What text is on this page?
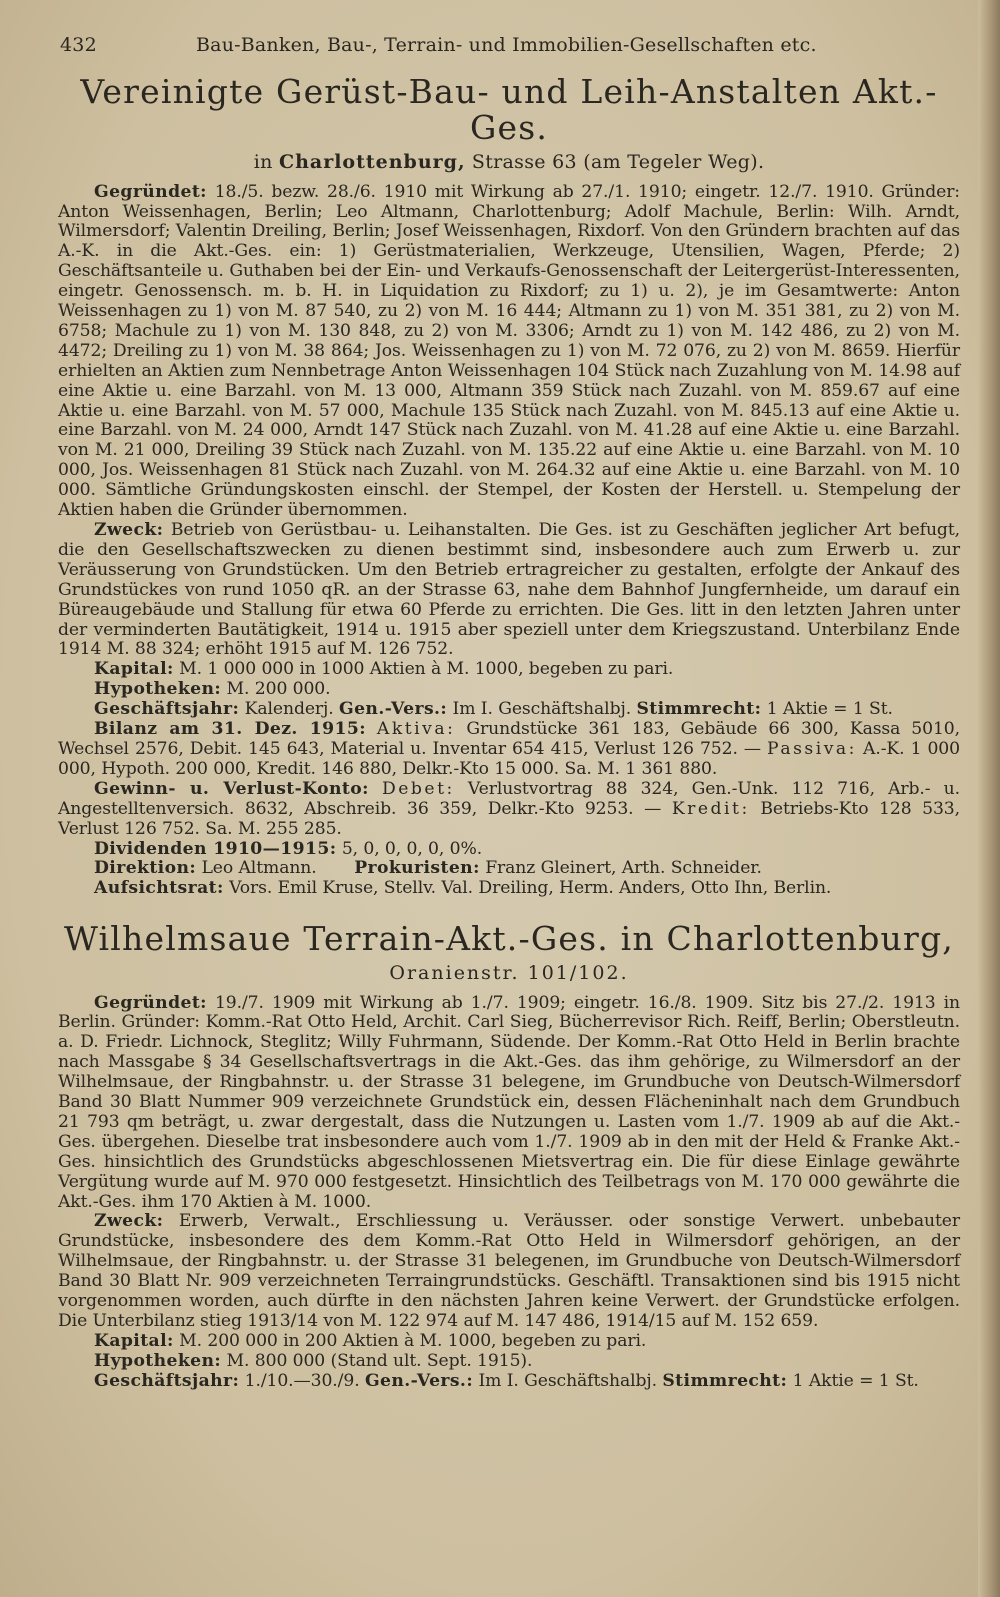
432	Bau-Banken, Bau-, Terrain- und Immobilien-Gesellschaften etc.
Vereinigte Gerüst-Bau- und Leih-Anstalten Akt.-Ges.
in Charlottenburg, Strasse 63 (am Tegeler Weg).

Gegründet: 18./5. bezw. 28./6. 1910 mit Wirkung ab 27./1. 1910; eingetr. 12./7. 1910. Gründer: Anton Weissenhagen, Berlin; Leo Altmann, Charlottenburg; Adolf Machule, Berlin: Wilh. Arndt, Wilmersdorf; Valentin Dreiling, Berlin; Josef Weissenhagen, Rixdorf. Von den Gründern brachten auf das A.-K. in die Akt.-Ges. ein: 1) Gerüstmaterialien, Werkzeuge, Utensilien, Wagen, Pferde; 2) Geschäftsanteile u. Guthaben bei der Ein- und Verkaufs-Genossenschaft der Leitergerüst-Interessenten, eingetr. Genossensch. m. b. H. in Liquidation zu Rixdorf; zu 1) u. 2), je im Gesamtwerte: Anton Weissenhagen zu 1) von M. 87 540, zu 2) von M. 16 444; Altmann zu 1) von M. 351 381, zu 2) von M. 6758; Machule zu 1) von M. 130 848, zu 2) von M. 3306; Arndt zu 1) von M. 142 486, zu 2) von M. 4472; Dreiling zu 1) von M. 38 864; Jos. Weissenhagen zu 1) von M. 72 076, zu 2) von M. 8659. Hierfür erhielten an Aktien zum Nennbetrage Anton Weissenhagen 104 Stück nach Zuzahlung von M. 14.98 auf eine Aktie u. eine Barzahl. von M. 13 000, Altmann 359 Stück nach Zuzahl. von M. 859.67 auf eine Aktie u. eine Barzahl. von M. 57 000, Machule 135 Stück nach Zuzahl. von M. 845.13 auf eine Aktie u. eine Barzahl. von M. 24 000, Arndt 147 Stück nach Zuzahl. von M. 41.28 auf eine Aktie u. eine Barzahl. von M. 21 000, Dreiling 39 Stück nach Zuzahl. von M. 135.22 auf eine Aktie u. eine Barzahl. von M. 10 000, Jos. Weissenhagen 81 Stück nach Zuzahl. von M. 264.32 auf eine Aktie u. eine Barzahl. von M. 10 000. Sämtliche Gründungskosten einschl. der Stempel, der Kosten der Herstell. u. Stempelung der Aktien haben die Gründer übernommen.

Zweck: Betrieb von Gerüstbau- u. Leihanstalten. Die Ges. ist zu Geschäften jeglicher Art befugt, die den Gesellschaftszwecken zu dienen bestimmt sind, insbesondere auch zum Erwerb u. zur Veräusserung von Grundstücken. Um den Betrieb ertragreicher zu gestalten, erfolgte der Ankauf des Grundstückes von rund 1050 qR. an der Strasse 63, nahe dem Bahnhof Jungfernheide, um darauf ein Büreaugebäude und Stallung für etwa 60 Pferde zu errichten. Die Ges. litt in den letzten Jahren unter der verminderten Bautätigkeit, 1914 u. 1915 aber speziell unter dem Kriegszustand. Unterbilanz Ende 1914 M. 88 324; erhöht 1915 auf M. 126 752.

Kapital: M. 1 000 000 in 1000 Aktien à M. 1000, begeben zu pari.

Hypotheken: M. 200 000.

Geschäftsjahr: Kalenderj. Gen.-Vers.: Im I. Geschäftshalbj. Stimmrecht: 1 Aktie = 1 St.

Bilanz am 31. Dez. 1915: Aktiva: Grundstücke 361 183, Gebäude 66 300, Kassa 5010, Wechsel 2576, Debit. 145 643, Material u. Inventar 654 415, Verlust 126 752. — Passiva: A.-K. 1 000 000, Hypoth. 200 000, Kredit. 146 880, Delkr.-Kto 15 000. Sa. M. 1 361 880.

Gewinn- u. Verlust-Konto: Debet: Verlustvortrag 88 324, Gen.-Unk. 112 716, Arb.- u. Angestelltenversich. 8632, Abschreib. 36 359, Delkr.-Kto 9253. — Kredit: Betriebs-Kto 128 533, Verlust 126 752. Sa. M. 255 285.

Dividenden 1910—1915: 5, 0, 0, 0, 0, 0%.

Direktion: Leo Altmann. Prokuristen: Franz Gleinert, Arth. Schneider.

Aufsichtsrat: Vors. Emil Kruse, Stellv. Val. Dreiling, Herm. Anders, Otto Ihn, Berlin.

Wilhelmsaue Terrain-Akt.-Ges. in Charlottenburg,
Oranienstr. 101/102.

Gegründet: 19./7. 1909 mit Wirkung ab 1./7. 1909; eingetr. 16./8. 1909. Sitz bis 27./2. 1913 in Berlin. Gründer: Komm.-Rat Otto Held, Archit. Carl Sieg, Bücherrevisor Rich. Reiff, Berlin; Oberstleutn. a. D. Friedr. Lichnock, Steglitz; Willy Fuhrmann, Südende. Der Komm.-Rat Otto Held in Berlin brachte nach Massgabe § 34 Gesellschaftsvertrags in die Akt.-Ges. das ihm gehörige, zu Wilmersdorf an der Wilhelmsaue, der Ringbahnstr. u. der Strasse 31 belegene, im Grundbuche von Deutsch-Wilmersdorf Band 30 Blatt Nummer 909 verzeichnete Grundstück ein, dessen Flächeninhalt nach dem Grundbuch 21 793 qm beträgt, u. zwar dergestalt, dass die Nutzungen u. Lasten vom 1./7. 1909 ab auf die Akt.-Ges. übergehen. Dieselbe trat insbesondere auch vom 1./7. 1909 ab in den mit der Held & Franke Akt.-Ges. hinsichtlich des Grundstücks abgeschlossenen Mietsvertrag ein. Die für diese Einlage gewährte Vergütung wurde auf M. 970 000 festgesetzt. Hinsichtlich des Teilbetrags von M. 170 000 gewährte die Akt.-Ges. ihm 170 Aktien à M. 1000.

Zweck: Erwerb, Verwalt., Erschliessung u. Veräusser. oder sonstige Verwert. unbebauter Grundstücke, insbesondere des dem Komm.-Rat Otto Held in Wilmersdorf gehörigen, an der Wilhelmsaue, der Ringbahnstr. u. der Strasse 31 belegenen, im Grundbuche von Deutsch-Wilmersdorf Band 30 Blatt Nr. 909 verzeichneten Terraingrundstücks. Geschäftl. Transaktionen sind bis 1915 nicht vorgenommen worden, auch dürfte in den nächsten Jahren keine Verwert. der Grundstücke erfolgen. Die Unterbilanz stieg 1913/14 von M. 122 974 auf M. 147 486, 1914/15 auf M. 152 659.

Kapital: M. 200 000 in 200 Aktien à M. 1000, begeben zu pari.

Hypotheken: M. 800 000 (Stand ult. Sept. 1915).

Geschäftsjahr: 1./10.—30./9. Gen.-Vers.: Im I. Geschäftshalbj. Stimmrecht: 1 Aktie = 1 St.
